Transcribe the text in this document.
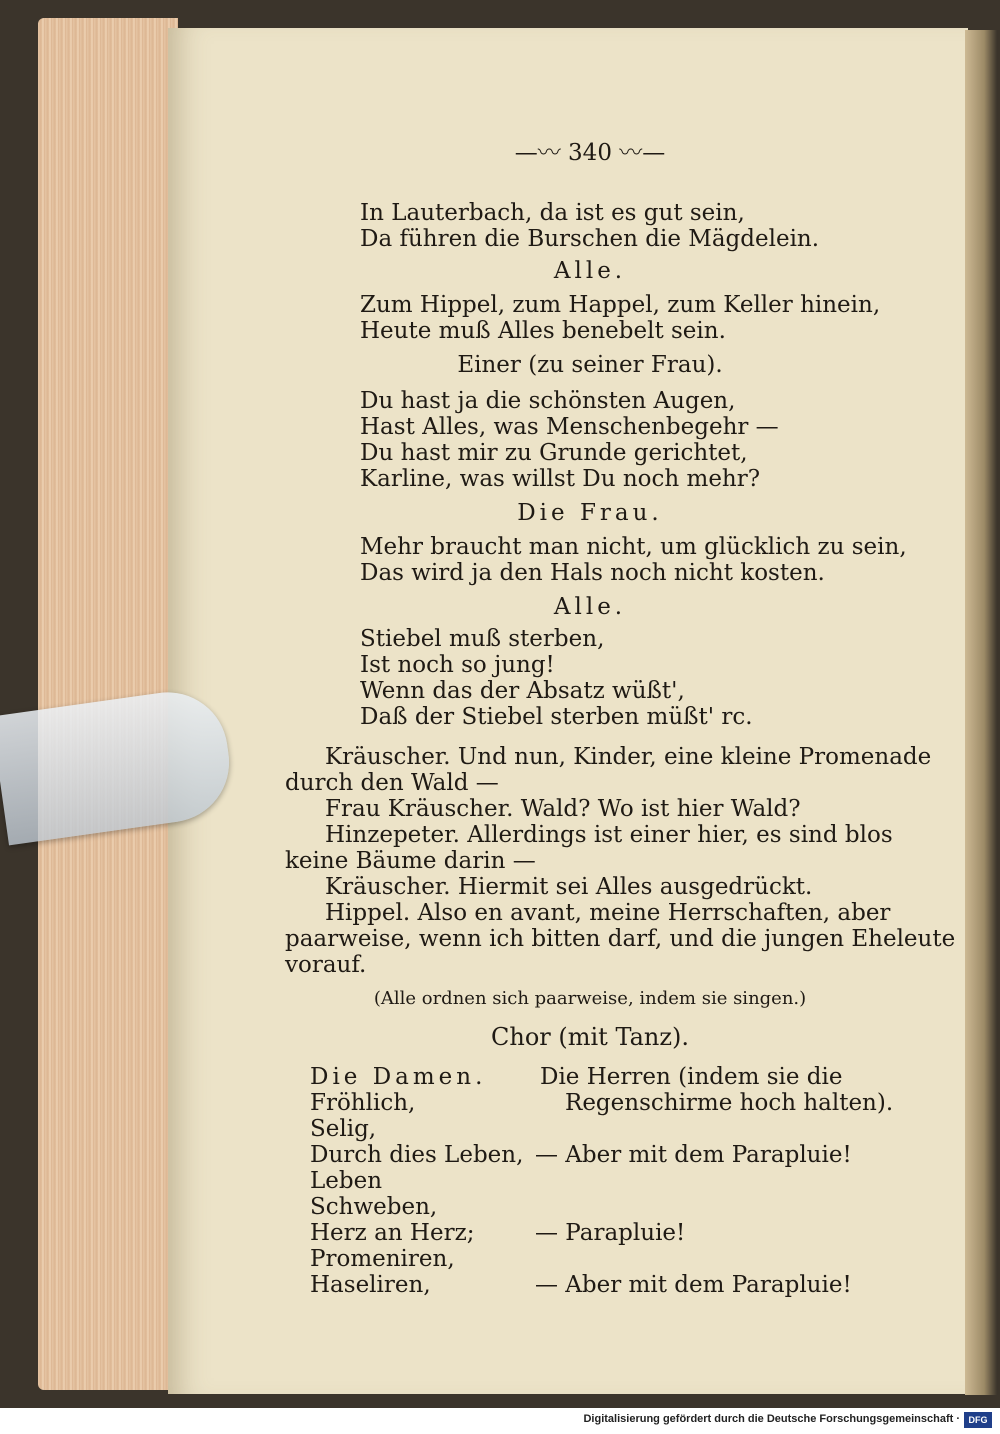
—〰 340 〰—
In Lauterbach, da ist es gut sein,
Da führen die Burschen die Mägdelein.
Alle.
Zum Hippel, zum Happel, zum Keller hinein,
Heute muß Alles benebelt sein.
Einer (zu seiner Frau).
Du hast ja die schönsten Augen,
Hast Alles, was Menschenbegehr —
Du hast mir zu Grunde gerichtet,
Karline, was willst Du noch mehr?
Die Frau.
Mehr braucht man nicht, um glücklich zu sein,
Das wird ja den Hals noch nicht kosten.
Alle.
Stiebel muß sterben,
Ist noch so jung!
Wenn das der Absatz wüßt',
Daß der Stiebel sterben müßt' rc.
Kräuscher. Und nun, Kinder, eine kleine Promenade
durch den Wald —
Frau Kräuscher. Wald? Wo ist hier Wald?
Hinzepeter. Allerdings ist einer hier, es sind blos
keine Bäume darin —
Kräuscher. Hiermit sei Alles ausgedrückt.
Hippel. Also en avant, meine Herrschaften, aber
paarweise, wenn ich bitten darf, und die jungen Eheleute
vorauf.
(Alle ordnen sich paarweise, indem sie singen.)
Chor (mit Tanz).
Die Damen. Die Herren (indem sie die
Fröhlich,	Regenschirme hoch halten).
Selig,
Durch dies Leben, — Aber mit dem Parapluie!
Leben
Schweben,
Herz an Herz;	— Parapluie!
Promeniren,
Haseliren,	— Aber mit dem Parapluie!
Digitalisierung gefördert durch die Deutsche Forschungsgemeinschaft · DFG
